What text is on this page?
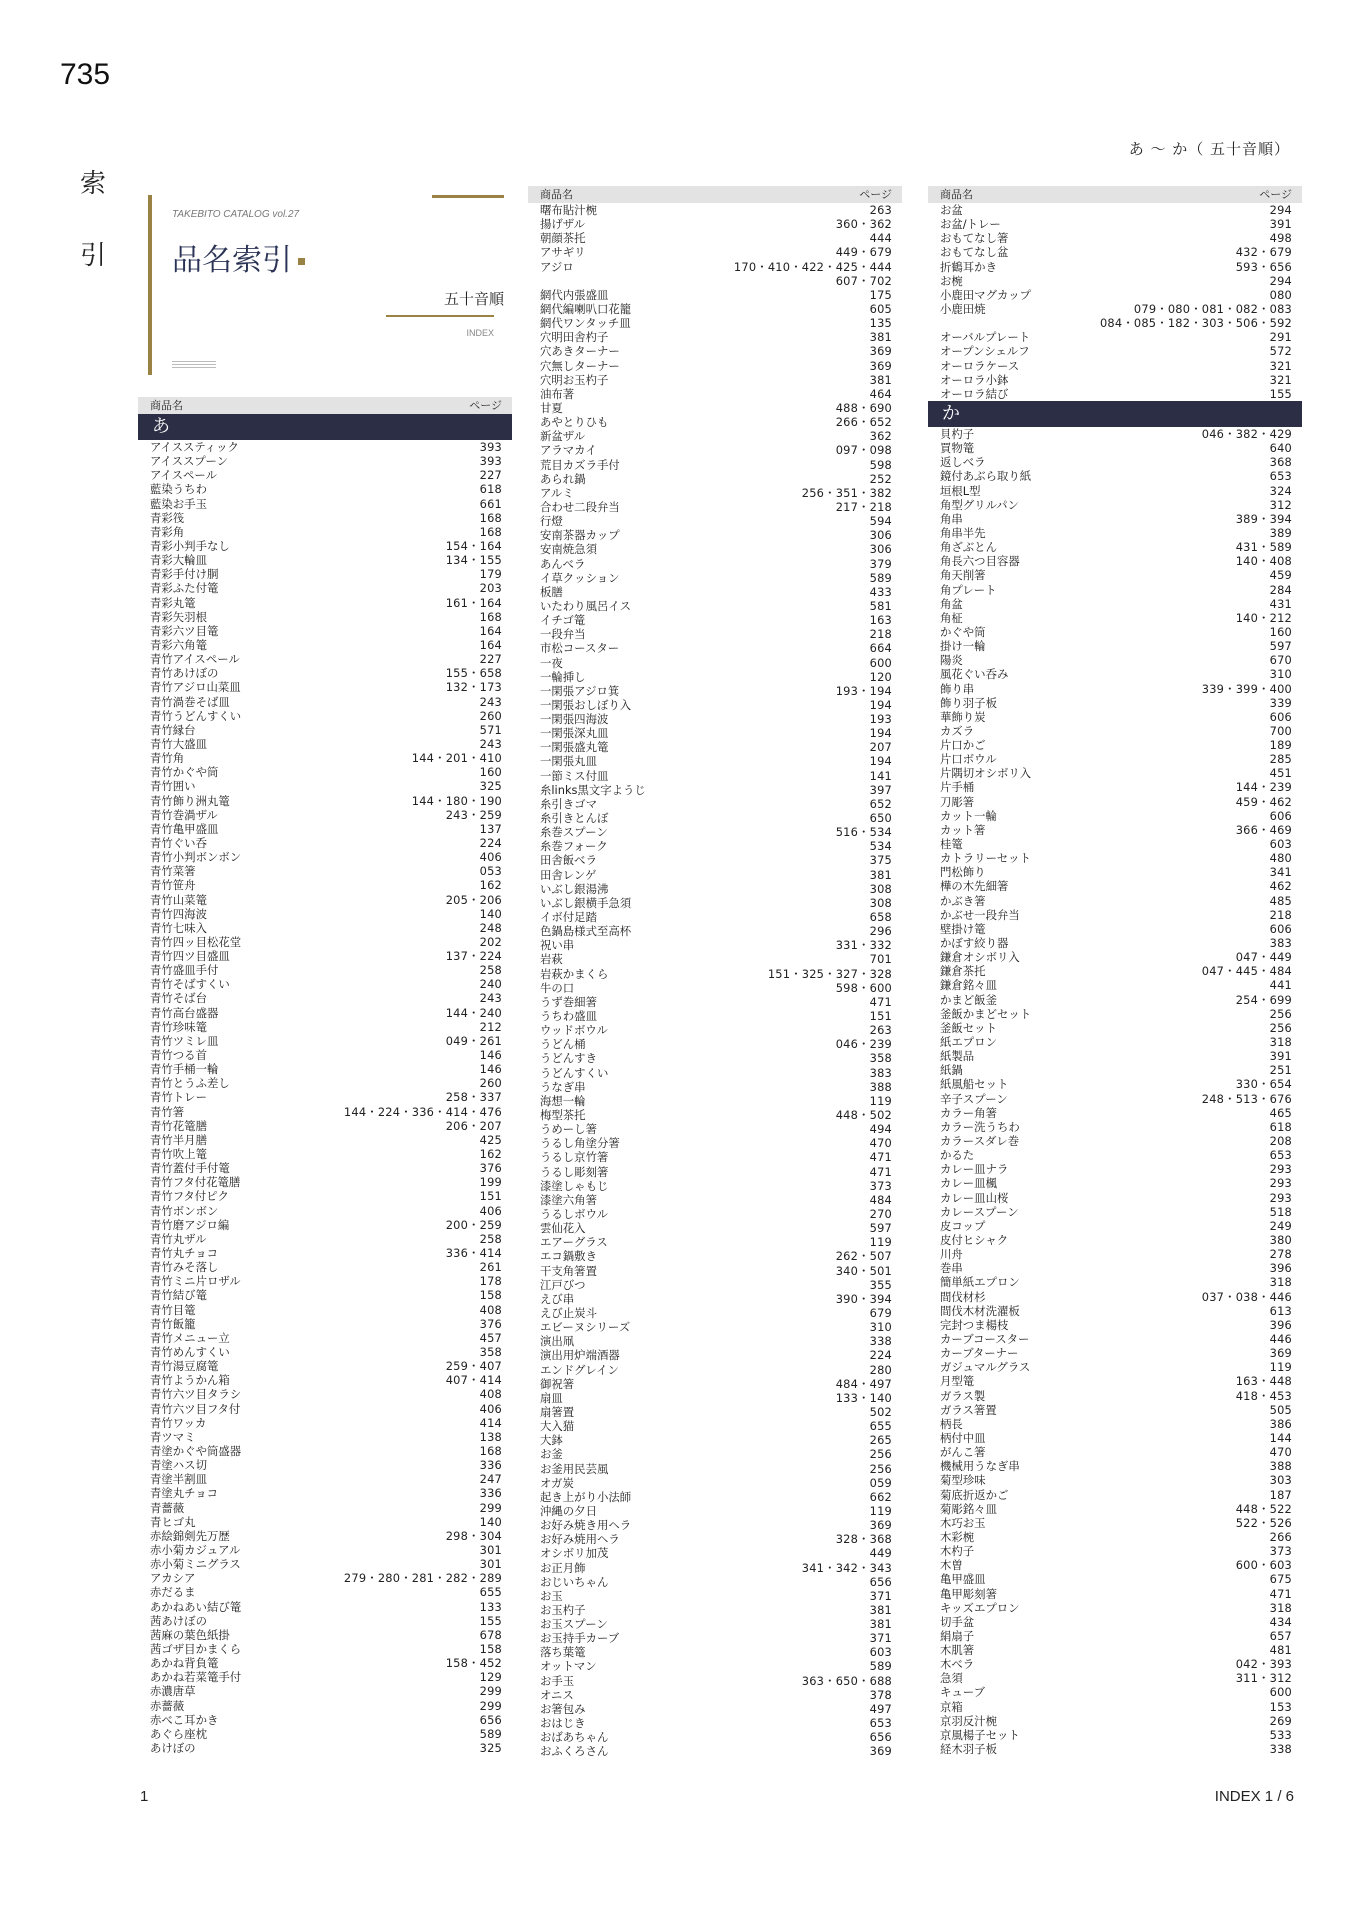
735
索
引
あ 〜 か（ 五十音順）
TAKEBITO CATALOG vol.27
品名索引
五十音順
INDEX
商品名	ページ
あ
アイススティック	393
アイススプーン	393
アイスペール	227
藍染うちわ	618
藍染お手玉	661
青彩筏	168
青彩角	168
青彩小判手なし	154・164
青彩大輪皿	134・155
青彩手付け胴	179
青彩ふた付篭	203
青彩丸篭	161・164
青彩矢羽根	168
青彩六ツ目篭	164
青彩六角篭	164
青竹アイスペール	227
青竹あけぼの	155・658
青竹アジロ山菜皿	132・173
青竹渦巻そば皿	243
青竹うどんすくい	260
青竹縁台	571
青竹大盛皿	243
青竹角	144・201・410
青竹かぐや筒	160
青竹囲い	325
青竹飾り洲丸篭	144・180・190
青竹巻渦ザル	243・259
青竹亀甲盛皿	137
青竹ぐい呑	224
青竹小判ボンボン	406
青竹菜箸	053
青竹笹舟	162
青竹山菜篭	205・206
青竹四海波	140
青竹七味入	248
青竹四ッ目松花堂	202
青竹四ツ目盛皿	137・224
青竹盛皿手付	258
青竹そばすくい	240
青竹そば台	243
青竹高台盛器	144・240
青竹珍味篭	212
青竹ツミレ皿	049・261
青竹つる首	146
青竹手桶一輪	146
青竹とうふ差し	260
青竹トレー	258・337
青竹箸	144・224・336・414・476
青竹花篭膳	206・207
青竹半月膳	425
青竹吹上篭	162
青竹蓋付手付篭	376
青竹フタ付花篭膳	199
青竹フタ付ピク	151
青竹ボンボン	406
青竹磨アジロ編	200・259
青竹丸ザル	258
青竹丸チョコ	336・414
青竹みそ落し	261
青竹ミニ片ロザル	178
青竹結び篭	158
青竹目篭	408
青竹飯籠	376
青竹メニュー立	457
青竹めんすくい	358
青竹湯豆腐篭	259・407
青竹ようかん箱	407・414
青竹六ツ目タラシ	408
青竹六ツ目フタ付	406
青竹ワッカ	414
青ツマミ	138
青塗かぐや筒盛器	168
青塗ハス切	336
青塗半割皿	247
青塗丸チョコ	336
青薔薇	299
青ヒゴ丸	140
赤絵錦剣先万歴	298・304
赤小菊カジュアル	301
赤小菊ミニグラス	301
アカシア	279・280・281・282・289
赤だるま	655
あかねあい結び篭	133
茜あけぼの	155
茜麻の葉色紙掛	678
茜ゴザ目かまくら	158
あかね背負篭	158・452
あかね若菜篭手付	129
赤濃唐草	299
赤薔薇	299
赤べこ耳かき	656
あぐら座枕	589
あけぼの	325
商品名	ページ
曙布貼汁椀	263
揚げザル	360・362
朝顔茶托	444
アサギリ	449・679
アジロ	170・410・422・425・444
607・702
網代内張盛皿	175
網代編喇叭口花籠	605
網代ワンタッチ皿	135
穴明田舎杓子	381
穴あきターナー	369
穴無しターナー	369
穴明お玉杓子	381
油布著	464
甘夏	488・690
あやとりひも	266・652
新盆ザル	362
アラマカイ	097・098
荒目カズラ手付	598
あられ鍋	252
アルミ	256・351・382
合わせ二段弁当	217・218
行燈	594
安南茶器カップ	306
安南焼急須	306
あんべラ	379
イ草クッション	589
板膳	433
いたわり風呂イス	581
イチゴ篭	163
一段弁当	218
市松コースター	664
一夜	600
一輪挿し	120
一閑張アジロ箕	193・194
一閑張おしぼり入	194
一閑張四海波	193
一閑張深丸皿	194
一閑張盛丸篭	207
一閑張丸皿	194
一節ミス付皿	141
糸links黒文字ようじ	397
糸引きゴマ	652
糸引きとんぼ	650
糸巻スプーン	516・534
糸巻フォーク	534
田舎飯べラ	375
田舎レンゲ	381
いぶし銀湯沸	308
いぶし銀横手急須	308
イボ付足踏	658
色鍋島様式至高杯	296
祝い串	331・332
岩萩	701
岩萩かまくら	151・325・327・328
牛の口	598・600
うず巻細箸	471
うちわ盛皿	151
ウッドボウル	263
うどん桶	046・239
うどんすき	358
うどんすくい	383
うなぎ串	388
海想一輪	119
梅型茶托	448・502
うめーし箸	494
うるし角塗分箸	470
うるし京竹箸	471
うるし彫刻箸	471
漆塗しゃもじ	373
漆塗六角箸	484
うるしボウル	270
雲仙花入	597
エアーグラス	119
エコ鍋敷き	262・507
干支角箸置	340・501
江戸びつ	355
えび串	390・394
えび止炭斗	679
エビーヌシリーズ	310
演出凧	338
演出用炉端酒器	224
エンドグレイン	280
御祝箸	484・497
扇皿	133・140
扇箸置	502
大入猫	655
大鉢	265
お釜	256
お釜用民芸風	256
オガ炭	059
起き上がり小法師	662
沖縄の夕日	119
お好み焼き用ヘラ	369
お好み焼用ヘラ	328・368
オシボリ加茂	449
お正月飾	341・342・343
おじいちゃん	656
お玉	371
お玉杓子	381
お玉スプーン	381
お玉持手カーブ	371
落ち葉篭	603
オットマン	589
お手玉	363・650・688
オニス	378
お箸包み	497
おはじき	653
おばあちゃん	656
おふくろさん	369
商品名	ページ
お盆	294
お盆/トレー	391
おもてなし箸	498
おもてなし盆	432・679
折鶴耳かき	593・656
お椀	294
小鹿田マグカップ	080
小鹿田焼	079・080・081・082・083
084・085・182・303・506・592
オーバルプレート	291
オープンシェルフ	572
オーロラケース	321
オーロラ小鉢	321
オーロラ結び	155
か
貝杓子	046・382・429
買物篭	640
返しべラ	368
鏡付あぶら取り紙	653
垣根L型	324
角型グリルパン	312
角串	389・394
角串半先	389
角ざぶとん	431・589
角長六つ目容器	140・408
角天削箸	459
角プレート	284
角盆	431
角柾	140・212
かぐや筒	160
掛け一輪	597
陽炎	670
風花ぐい呑み	310
飾り串	339・399・400
飾り羽子板	339
華飾り炭	606
カズラ	700
片口かご	189
片口ボウル	285
片隅切オシボリ入	451
片手桶	144・239
刀彫箸	459・462
カット一輪	606
カット箸	366・469
桂篭	603
カトラリーセット	480
門松飾り	341
樺の木先細箸	462
かぶき箸	485
かぶせ一段弁当	218
壁掛け篭	606
かぼす絞り器	383
鎌倉オシボリ入	047・449
鎌倉茶托	047・445・484
鎌倉銘々皿	441
かまど飯釜	254・699
釜飯かまどセット	256
釜飯セット	256
紙エプロン	318
紙製品	391
紙鍋	251
紙風船セット	330・654
辛子スプーン	248・513・676
カラー角箸	465
カラー洗うちわ	618
カラースダレ巻	208
かるた	653
カレー皿ナラ	293
カレー皿楓	293
カレー皿山桜	293
カレースプーン	518
皮コップ	249
皮付ヒシャク	380
川舟	278
巻串	396
簡単紙エプロン	318
間伐材杉	037・038・446
間伐木材洗濯板	613
完封つま楊枝	396
カーブコースター	446
カーブターナー	369
ガジュマルグラス	119
月型篭	163・448
ガラス製	418・453
ガラス箸置	505
柄長	386
柄付中皿	144
がんこ箸	470
機械用うなぎ串	388
菊型珍味	303
菊底折返かご	187
菊彫銘々皿	448・522
木巧お玉	522・526
木彩椀	266
木杓子	373
木曽	600・603
亀甲盛皿	675
亀甲彫刻箸	471
キッズエプロン	318
切手盆	434
絹扇子	657
木肌箸	481
木べラ	042・393
急須	311・312
キューブ	600
京箱	153
京羽反汁椀	269
京風楊子セット	533
経木羽子板	338
1	INDEX 1 / 6
